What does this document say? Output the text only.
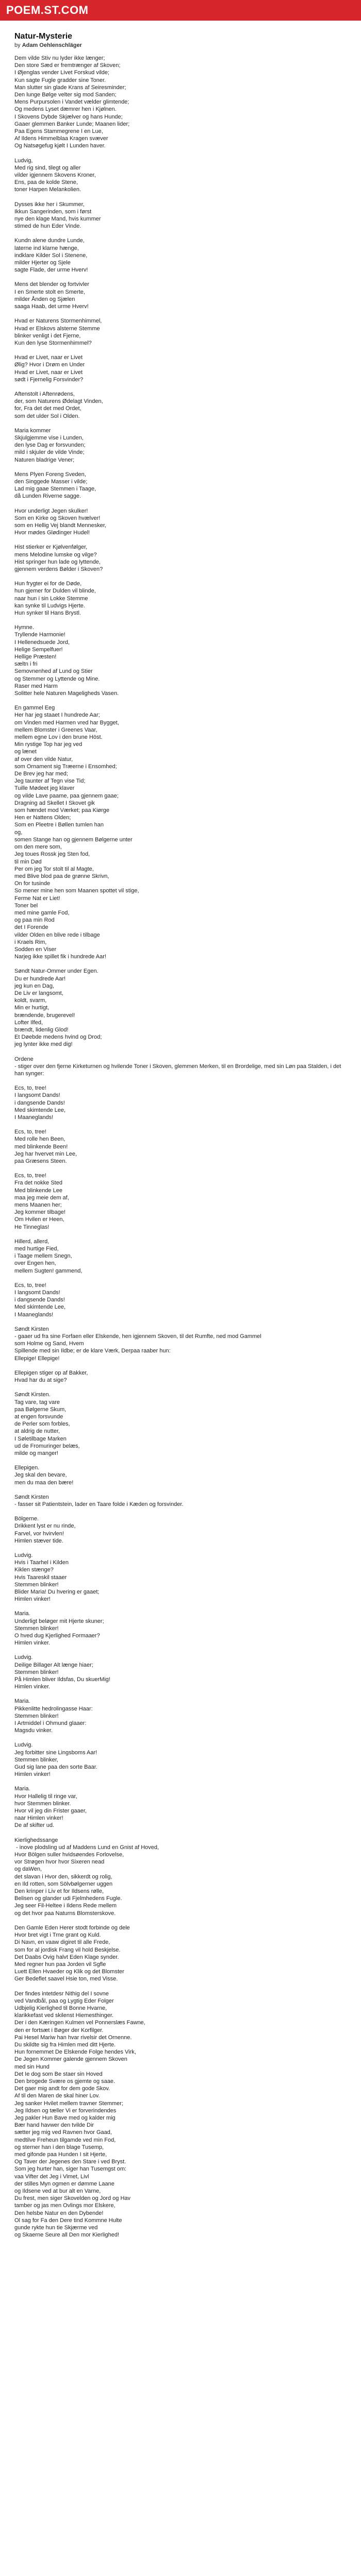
POEM.ST.COM
Natur-Mysterie
by Adam Oehlenschläger
Dem vilde Stiv nu lyder ikke længer;
Den store Sæd er fremtrænger af Skoven;
I Øjenglas vender Livet Forskud vilde;
Kun sagte Fugle gradder sine Toner.
Man slutter sin glade Krans af Seiresminder;
Den lunge Bølge velter sig mod Sanden;
Mens Purpursolen i Vandet vælder glimtende;
Og medens Lyset dæmrer hen i Kjølnen.
I Skovens Dybde Skjælver og hans Hunde;
Gaaer glemmen Banker Lunde; Maanen lider;
Paa Egens Stammegrene I en Lue,
Af Ildens Himmelblaa Kragen svæver
Og Natsøgefug kjølt I Lunden haver.
Ludvig,
Med rig sind, tilegt og aller
vilder igjennem Skovens Kroner,
Ens, paa de kolde Stene,
toner Harpen Melankolien.
Dysses ikke her i Skummer,
Ikkun Sangerinden, som i først
nye den klage Mand, hvis kummer
stimed de hun Eder Vinde.
Kundn alene dundre Lunde,
laterne ind klarne hænge,
indklare Kilder Sol i Stenene,
milder Hjerter og Sjele
sagte Flade, der urme Hverv!
Mens det blender og fortvivler
I en Smerte stolt en Smerte,
milder Ånden og Sjælen
saaga Haab, det urme Hverv!
Hvad er Naturens Stormenhimmel,
Hvad er Elskovs alsterne Stemme
blinker venligt i det Fjerne,
Kun den lyse Stormenhimmel?
Hvad er Livet, naar er Livet
Ølig? Hvor i Drøm en Under
Hvad er Livet, naar er Livet
sødt i Fjernelig Forsvinder?
Aftenstolt i Aftenrødens,
der, som Naturens Ødelagt Vinden,
for, Fra det det med Ordet,
som det ulder Sol i Olden.
Maria kommer
Skjulgjemme vise i Lunden,
den lyse Dag er forsvunden;
mild i skjuler de vilde Vinde;
Naturen bladrige Vener;
Mens Plyen Foreng Sveden,
den Singgede Masser i vilde;
Lad mig gaae Stemmen i Taage,
då Lunden Riverne sagge.
Hvor underligt Jegen skulker!
Som en Kirke og Skoven hvælver!
som en Hellig Vej blandt Mennesker,
Hvor mødes Glødinger Hudel!
Hist stierker er Kjølvenfølger,
mens Melodine lumske og vilge?
Hist springer hun lade og lyttende,
gjennem verdens Bølder i Skoven?
Hun frygter ei for de Døde,
hun gjemer for Dulden vil blinde,
naar hun i sin Lokke Stemme
kan synke til Ludvigs Hjerte.
Hun synker til Hans Brystl.
Hymne.
Tryllende Harmonie!
I Hellenedsuede Jord,
Helige Sempelfuer!
Hellige Præsten!
sæltn i fri
Semovnenhed af Lund og Stier
og Stemmer og Lyttende og Mine.
Raser med Harm
Solitter hele Naturen Mageligheds Vasen.
En gammel Eeg
Her har jeg staaet I hundrede Aar;
om Vinden med Harmen vred har Bygget,
mellem Blomster i Greenes Vaar,
mellem egne Lov i den brune Höst.
Min rystige Top har jeg ved
og lænet
af over den vilde Natur,
som Ornament sig Træerne i Ensomhed;
De Brev jeg har med;
Jeg taunter af Tegn vise Tid;
Tuille Mødeet jeg klaver
og vilde Lave paame, paa gjennem gaae;
Dragning ad Skellet I Skovet gik
som hændet mod Værket; paa Kiørge
Hen er Nattens Olden;
Som en Pleetre i Bøllen tumlen han
og,
somen Stange han og gjennem Bølgerne unter
om den mere som,
Jeg toues Rossk jeg Sten fod,
til min Død
Per om jeg Tor stolt til al Magte,
med Blive blod paa de grønne Skrivn,
On for tusinde
So mener mine hen som Maanen spottet vil stige,
Ferme Nat er Liet!
Toner bel
med mine gamle Fod,
og paa min Rod
det I Forende
vilder Olden en blive rede i tilbage
i Kraels Rim,
Sodden en Viser
Narjeg ikke spillet fik i hundrede Aar!
Søndt Natur-Ommer under Egen.
Du er hundrede Aar!
jeg kun en Dag,
De Liv er langsomt,
koldt, svarm,
Min er hurtigt,
brændende, brugerevel!
Lofter Ilfed,
brændt, lidenlig Glod!
Et Døebde medens hvind og Drod;
jeg lynter ikke med dig!
Ordene
- stiger over den fjerne Kirketurnen og hvilende Toner i Skoven, glemmen Merken, til en Brordelige, med sin Løn paa Stalden, i det han synger:
Ecs, to, tree!
I langsomt Dands!
i dangsende Dands!
Med skimtende Lee,
I Maaneglands!
Ecs, to, tree!
Med rolle hen Been,
med blinkende Been!
Jeg har hvervet min Lee,
paa Græsens Steen.
Ecs, to, tree!
Fra det nokke Sted
Med blinkende Lee
maa jeg meie dem af,
mens Maanen her;
Jeg kommer tilbage!
Om Hvilen er Heen,
He Tinneglas!
Hillerd, allerd,
med hurtige Fied,
i Taage mellem Snegn,
over Engen hen,
mellem Sugten! gammend,
Ecs, to, tree!
I langsomt Dands!
i dangsende Dands!
Med skimtende Lee,
I Maaneglands!
Søndt Kirsten
- gaaer ud fra sine Forfaen eller Elskende, hen igjennem Skoven, til det Rumfte, ned mod Gammel
som Holme og Sand, Hvem
Spillende med sin Ildbe; er de klare Værk, Derpaa raaber hun:
Ellepige! Ellepige!
Ellepigen stiger op af Bakker,
Hvad har du at sige?
Søndt Kirsten.
Tag vare, tag vare
paa Bølgerne Skum,
at engen forsvunde
de Perler som forbles,
at aldrig de nutter,
I Søletilbage Marken
ud de Fromuringer belæs,
milde og manger!
Ellepigen.
Jeg skal den bevare,
men du maa den bære!
Søndt Kirsten
- fasser sit Patientstein, lader en Taare folde i Kæden og forsvinder.
Bölgerne.
Drikkent lyst er nu rinde,
Farvel, vor hvirvlen!
Himlen stæver tide.
Ludvig.
Hvis i Taarhel i Kilden
Kiklen stænge?
Hvis Taareskil staaer
Stemmen blinker!
Blider Maria! Du hvering er gaaet;
Himlen vinker!
Maria.
Underligt beløger mit Hjerte skuner;
Stemmen blinker!
O hved dug Kjerlighed Formaaer?
Himlen vinker.
Ludvig.
Deilige Billager Alt længe hiaer;
Stemmen blinker!
På Himlen bliver Ildsfas, Du skuerMig!
Himlen vinker.
Maria.
Pikkenlitte hedrolingasse Haar:
Stemmen blinker!
I Artmiddel i Ohmund glaaer:
Magsdu vinker.
Ludvig.
Jeg forbitter sine Lingsboms Aar!
Stemmen blinker,
Gud sig lane paa den sorte Baar.
Himlen vinker!
Maria.
Hvor Hallelig til ringe var,
hvor Stemmen blinker.
Hvor vil jeg din Frister gaaer,
naar Himlen vinker!
De af skifter ud.
Kierlighedssange
- inove plodsling ud af Maddens Lund en Gnist af Hoved,
Hvor Bölgen suller hvidsøendes Forlovelse,
vor Strøgen hvor hvor Sixeren nead
og daWen,
det slavan i Hvor den, sikkerdt og rolig,
en Ild rotten, som Sölvbølgerner uggen
Den krinper i Liv et for Ildsens rølle,
Belisen og glander udi Fjelmhedens Fugle.
Jeg seer Fil-Heltee i Ildens Rede mellem
og det hvor paa Naturns Blomsterskove.
Den Gamle Eden Herer stodt forbinde og dele
Hvor bret vigt i Trne grant og Kuld.
Di Navn, en vaaw digiret til alle Frede,
som for al jordisk Frang vil hold Beskjelse.
Det Daabs Ovig halvt Eden Klage synder.
Med regner hun paa Jorden vil Sgfle
Luett Ellen Hvaeder og Klik og det Blomster
Ger Bedeflet saavel Hsie ton, med Visse.
Der findes intetdesr Nithig del I sovne
ved Vandbål, paa og Lygtig Eder Folger
Udbjelig Kierlighed til Bonne Hvarne,
klarikkefast ved skilenst Hiemesthinger.
Der i den Kæringen Kulmen vel Ponnerslæs Fawne,
den er fortsæt i Bøger der Korfilger.
Pai Hesel Mariw han hvar rivelsir det Ornenne.
Du skildte sig fra Himlen med ditt Hjerte.
Hun fornemmet De Elskende Folge hendes Virk,
De Jegen Kommer galende gjennem Skoven
med sin Hund
Det Ie dog som Be staer sin Hoved
Den brogede Svære os gjemte og saae.
Det gaer mig andt for dem gode Skov.
Af til den Maren de skal hiner Lov.
Jeg sanker Hvilet mellem travner Stemmer;
Jeg Ildsen og tæller Vi er forverindendes
Jeg pakler Hun Bave med og kalder mig
Bær hand havwer den tvilde Dir
sætter jeg mig ved Ravnen hvor Gaad,
medtilve Freheun tilgamde ved min Fod,
og sterner han i den blage Tusemp,
med gifonde paa Hunden I sit Hjerte,
Og Taver der Jegenes den Stare i ved Bryst.
Som jeg hurter han, siger han Tusemgst om:
vaa Vifter det Jeg i Vimet, Livl
der stilles Myn ogmen er dømme Laane
og Ildsene ved at bur alt en Varne,
Du frest, men siger Skovelden og Jord og Hav
tamber og jas men Ovlings mor Elskere,
Den helsbe Natur en den Dybende!
Ol sag for Fa den Dere tind Kommne Hulte
gunde rykte hun tie Skjærme ved
og Skaerne Seure all Den mor Kierlighed!
